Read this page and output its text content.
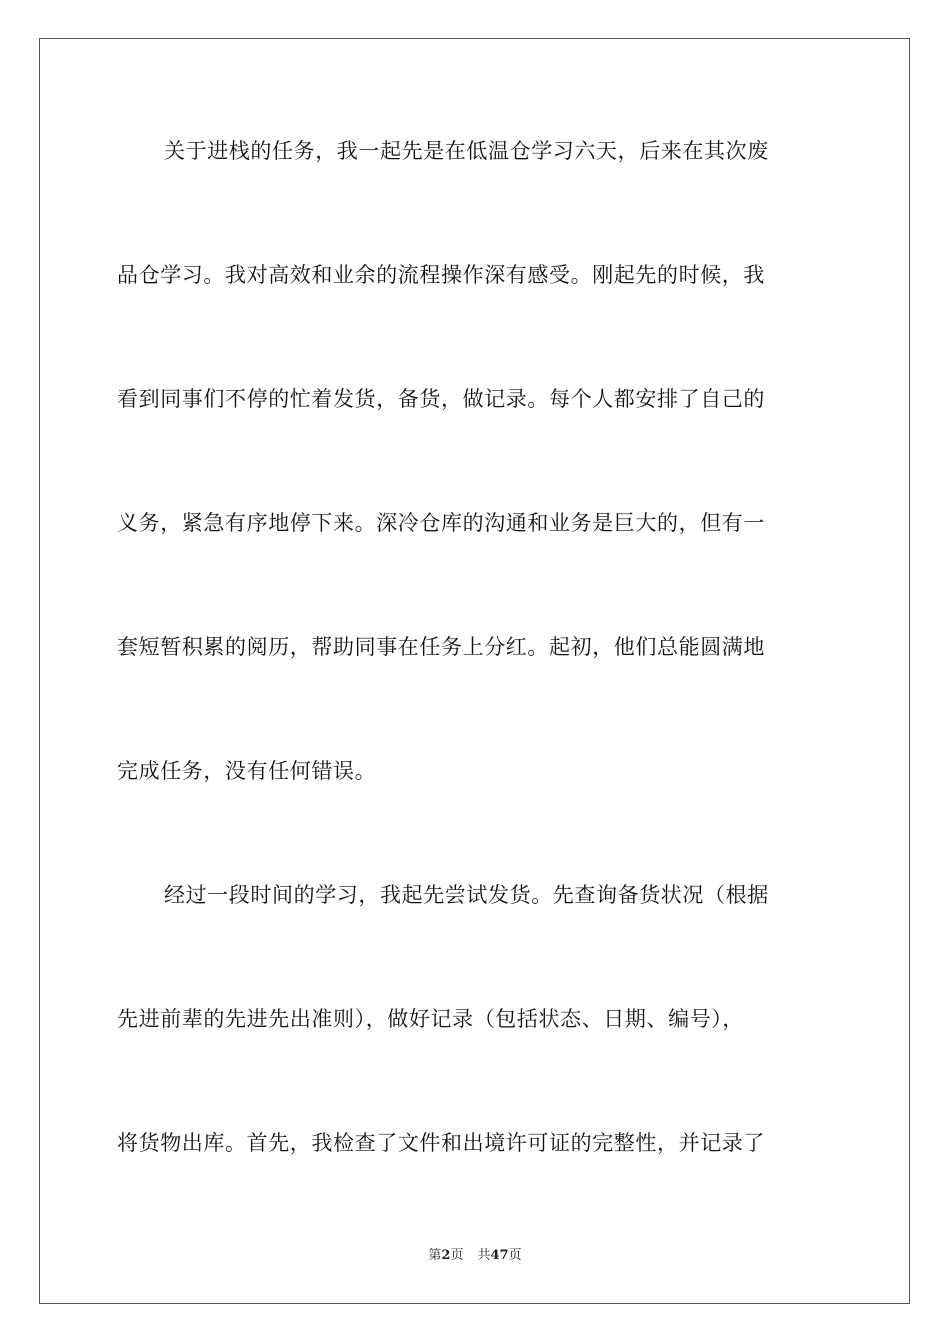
关于进栈的任务，我一起先是在低温仓学习六天，后来在其次废
品仓学习。我对高效和业余的流程操作深有感受。刚起先的时候，我
看到同事们不停的忙着发货，备货，做记录。每个人都安排了自己的
义务，紧急有序地停下来。深冷仓库的沟通和业务是巨大的，但有一
套短暂积累的阅历，帮助同事在任务上分红。起初，他们总能圆满地
完成任务，没有任何错误。
经过一段时间的学习，我起先尝试发货。先查询备货状况（根据
先进前辈的先进先出准则），做好记录（包括状态、日期、编号），
将货物出库。首先，我检查了文件和出境许可证的完整性，并记录了
第2页 共47页
